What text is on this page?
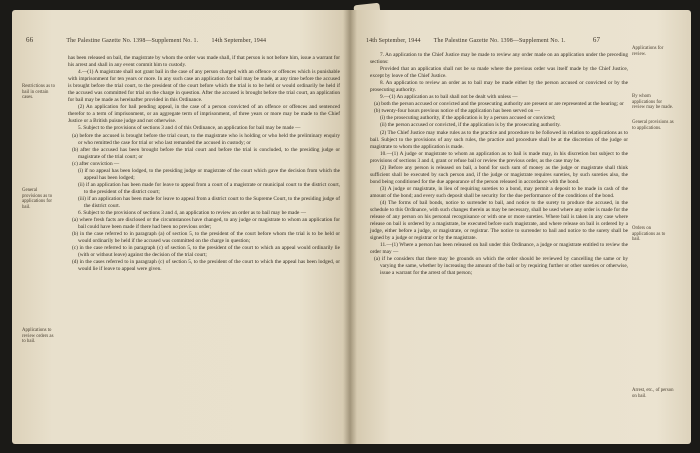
66	The Palestine Gazette No. 1398—Supplement No. 1. 14th September, 1944
Restrictions as to bail in certain cases.
General provisions as to applications for bail.
Applications to review orders as to bail.

has been released on bail, the magistrate by whom the order was made shall, if that person is not before him, issue a warrant for his arrest and shall in any event commit him to custody.

4.—(1) A magistrate shall not grant bail in the case of any person charged with an offence or offences which is punishable with imprisonment for ten years or more. In any such case an application for bail may be made, at any time before the accused is brought before the trial court, to the president of the court before which the trial is to be held or would ordinarily be held if the accused was committed for trial on the charge in question. After the accused is brought before the trial court, an application for bail may be made as hereinafter provided in this Ordinance.

(2) An application for bail pending appeal, in the case of a person convicted of an offence or offences and sentenced therefor to a term of imprisonment, or an aggregate term of imprisonment, of three years or more may be made to the Chief Justice or a British puisne judge and not otherwise.

5. Subject to the provisions of sections 3 and 4 of this Ordinance, an application for bail may be made —

(a) before the accused is brought before the trial court, to the magistrate who is holding or who held the preliminary enquiry or who remitted the case for trial or who last remanded the accused in custody; or

(b) after the accused has been brought before the trial court and before the trial is concluded, to the presiding judge or magistrate of the trial court; or

(c) after conviction —

(i) if no appeal has been lodged, to the presiding judge or magistrate of the court which gave the decision from which the appeal has been lodged;

(ii) if an application has been made for leave to appeal from a court of a magistrate or municipal court to the district court, to the president of the district court;

(iii) if an application has been made for leave to appeal from a district court to the Supreme Court, to the presiding judge of the district court.

6. Subject to the provisions of sections 3 and 4, an application to review an order as to bail may be made —

(a) where fresh facts are disclosed or the circumstances have changed, to any judge or magistrate to whom an application for bail could have been made if there had been no previous order;

(b) in the case referred to in paragraph (a) of section 5, to the president of the court before whom the trial is to be held or would ordinarily be held if the accused was committed on the charge in question;

(c) in the case referred to in paragraph (c) of section 5, to the president of the court to which an appeal would ordinarily lie (with or without leave) against the decision of the trial court;

(d) in the cases referred to in paragraph (c) of section 5, to the president of the court to which the appeal has been lodged, or would lie if leave to appeal were given.

14th September, 1944 The Palestine Gazette No. 1398—Supplement No. 1.	67
Applications for review.
By whom applications for review may be made.
General provisions as to applications.
Orders on applications as to bail.
Arrest, etc., of person on bail.

7. An application to the Chief Justice may be made to review any order made on an application under the preceding sections:

Provided that an application shall not be so made where the previous order was itself made by the Chief Justice, except by leave of the Chief Justice.

8. An application to review an order as to bail may be made either by the person accused or convicted or by the prosecuting authority.

9.—(1) An application as to bail shall not be dealt with unless —

(a) both the person accused or convicted and the prosecuting authority are present or are represented at the hearing; or

(b) twenty-four hours previous notice of the application has been served on —

(i) the prosecuting authority, if the application is by a person accused or convicted;

(ii) the person accused or convicted, if the application is by the prosecuting authority.

(2) The Chief Justice may make rules as to the practice and procedure to be followed in relation to applications as to bail. Subject to the provisions of any such rules, the practice and procedure shall be at the discretion of the judge or magistrate to whom the application is made.

10.—(1) A judge or magistrate to whom an application as to bail is made may, in his discretion but subject to the provisions of sections 3 and 4, grant or refuse bail or review the previous order, as the case may be.

(2) Before any person is released on bail, a bond for such sum of money as the judge or magistrate shall think sufficient shall be executed by such person and, if the judge or magistrate requires sureties, by such sureties also, the bond being conditioned for the due appearance of the person released in accordance with the bond.

(3) A judge or magistrate, in lieu of requiring sureties to a bond, may permit a deposit to be made in cash of the amount of the bond; and every such deposit shall be security for the due performance of the conditions of the bond.

(4) The forms of bail bonds, notice to surrender to bail, and notice to the surety to produce the accused, in the schedule to this Ordinance, with such changes therein as may be necessary, shall be used where any order is made for the release of any person on his personal recognisance or with one or more sureties. Where bail is taken in any case where release on bail is ordered by a magistrate, be executed before such magistrate, and where release on bail is ordered by a judge, either before a judge, or magistrate, or registrar. The notice to surrender to bail and notice to the surety shall be signed by a judge or registrar or by the magistrate.

11.—(1) Where a person has been released on bail under this Ordinance, a judge or magistrate entitled to review the order may —

(a) if he considers that there may be grounds on which the order should be reviewed by cancelling the same or by varying the same, whether by increasing the amount of the bail or by requiring further or other sureties or otherwise, issue a warrant for the arrest of that person;
